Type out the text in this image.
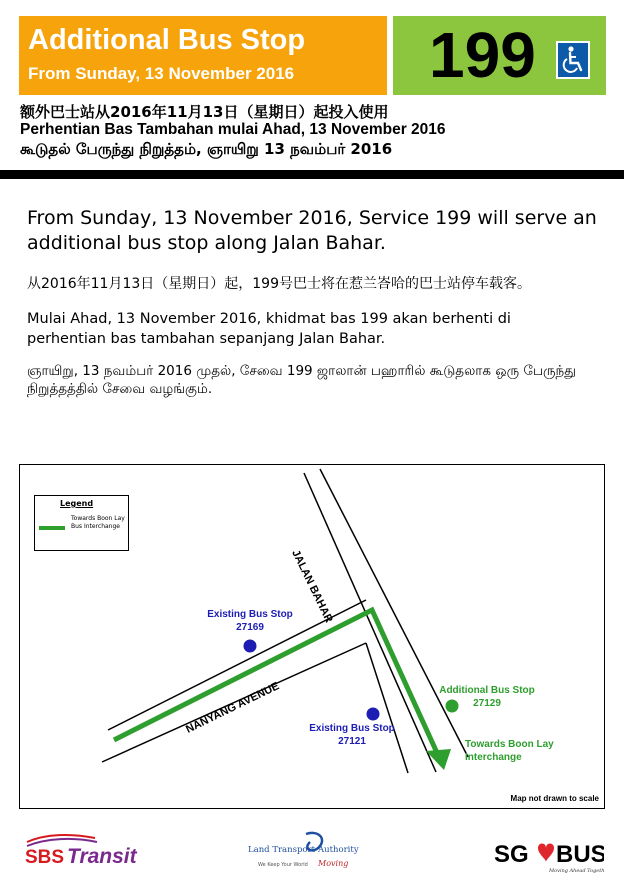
Additional Bus Stop
From Sunday, 13 November 2016 199
额外巴士站从2016年11月13日（星期日）起投入使用
Perhentian Bas Tambahan mulai Ahad, 13 November 2016
கூடுதல் பேருந்து நிறுத்தம், ஞாயிறு 13 நவம்பர் 2016
From Sunday, 13 November 2016, Service 199 will serve an additional bus stop along Jalan Bahar.
从2016年11月13日（星期日）起，199号巴士将在惹兰峇哈的巴士站停车载客。
Mulai Ahad, 13 November 2016, khidmat bas 199 akan berhenti di perhentian bas tambahan sepanjang Jalan Bahar.
ஞாயிறு, 13 நவம்பர் 2016 முதல், சேவை 199 ஜாலான் பஹாரில் கூடுதலாக ஒரு பேருந்து நிறுத்தத்தில் சேவை வழங்கும்.
Legend
Towards Boon Lay Bus Interchange
JALAN BAHAR
NANYANG AVENUE
Existing Bus Stop
27169
Existing Bus Stop
27121
Additional Bus Stop
27129
Towards Boon Lay
Interchange
Map not drawn to scale
SBS Transit	Land Transport Authority
We Keep Your World Moving	SG BUS
Moving Ahead Together
